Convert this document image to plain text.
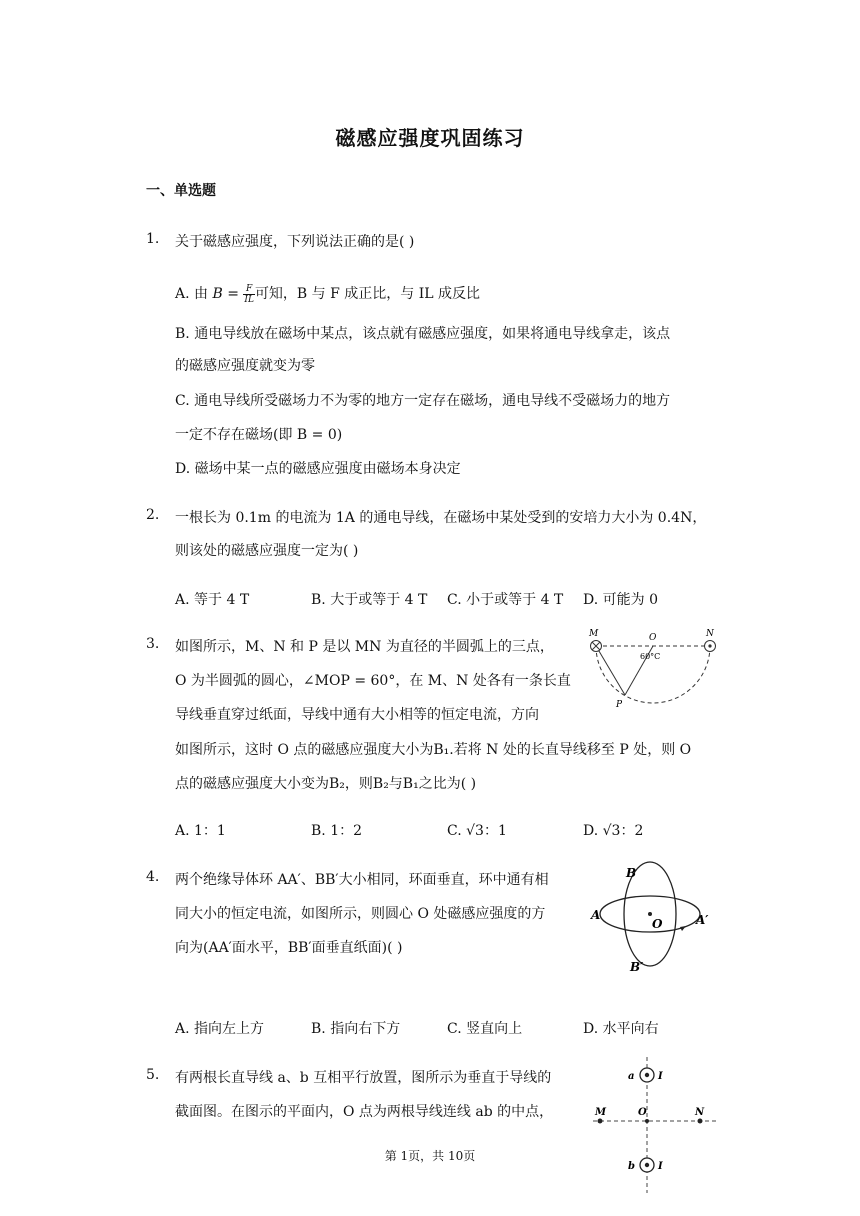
磁感应强度巩固练习
一、单选题
1. 关于磁感应强度，下列说法正确的是( )
A. 由 $B = \frac{F}{IL}$ 可知，B 与 F 成正比，与 IL 成反比
B. 通电导线放在磁场中某点，该点就有磁感应强度，如果将通电导线拿走，该点
的磁感应强度就变为零
C. 通电导线所受磁场力不为零的地方一定存在磁场，通电导线不受磁场力的地方
一定不存在磁场(即 B = 0)
D. 磁场中某一点的磁感应强度由磁场本身决定
2. 一根长为 0.1m 的电流为 1A 的通电导线，在磁场中某处受到的安培力大小为 0.4N，
则该处的磁感应强度一定为( )
A. 等于 4 T	B. 大于或等于 4 T C. 小于或等于 4 T D. 可能为 0
3. 如图所示，M、N 和 P 是以 MN 为直径的半圆弧上的三点，
O 为半圆弧的圆心，∠MOP = 60°，在 M、N 处各有一条长直
导线垂直穿过纸面，导线中通有大小相等的恒定电流，方向
如图所示，这时 O 点的磁感应强度大小为B₁.若将 N 处的长直导线移至 P 处，则 O
点的磁感应强度大小变为B₂，则B₂与B₁之比为( )
A. 1：1	B. 1：2	C. √3：1	D. √3：2
M	O	N
60°C
P
4. 两个绝缘导体环 AA′、BB′大小相同，环面垂直，环中通有相
同大小的恒定电流，如图所示，则圆心 O 处磁感应强度的方
向为(AA′面水平，BB′面垂直纸面)( )
A. 指向左上方	B. 指向右下方	C. 竖直向上	D. 水平向右
B
A	A′
O
B′
5. 有两根长直导线 a、b 互相平行放置，图所示为垂直于导线的
截面图。在图示的平面内，O 点为两根导线连线 ab 的中点，
a I
M	O	N
b I
第 1页，共 10页
